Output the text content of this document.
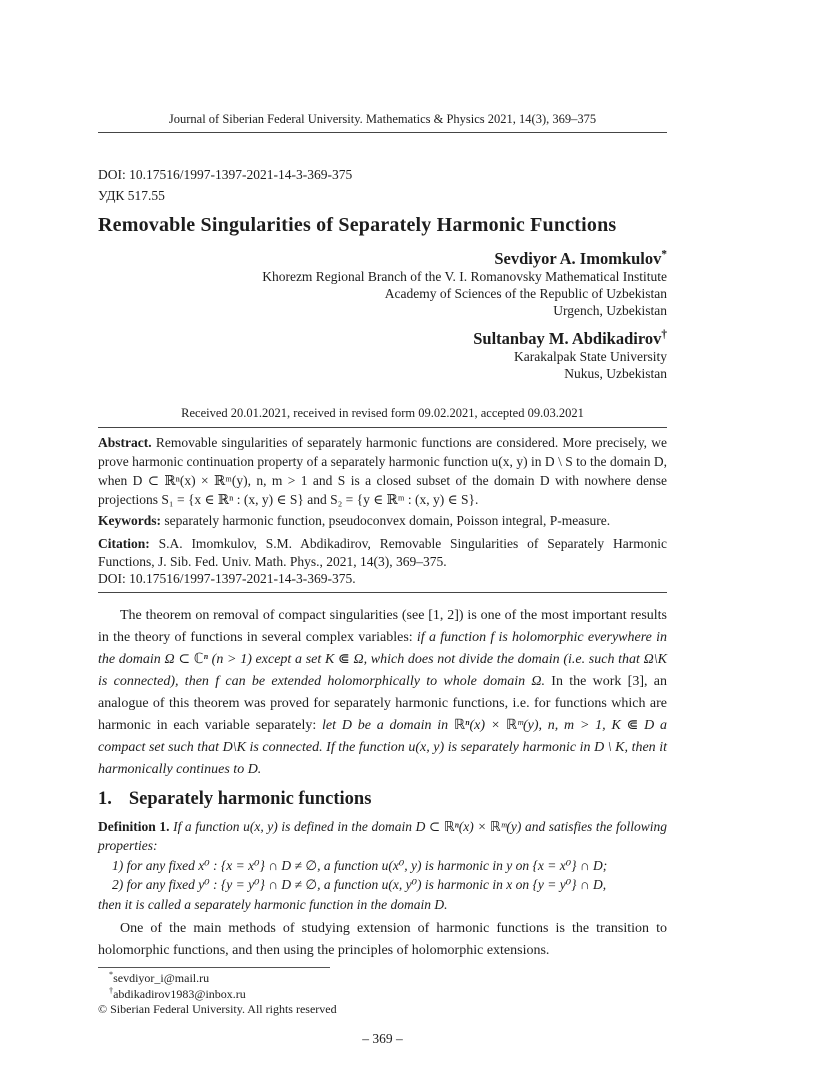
Journal of Siberian Federal University. Mathematics & Physics 2021, 14(3), 369–375
DOI: 10.17516/1997-1397-2021-14-3-369-375
УДК 517.55
Removable Singularities of Separately Harmonic Functions
Sevdiyor A. Imomkulov*
Khorezm Regional Branch of the V. I. Romanovsky Mathematical Institute
Academy of Sciences of the Republic of Uzbekistan
Urgench, Uzbekistan
Sultanbay M. Abdikadirov†
Karakalpak State University
Nukus, Uzbekistan
Received 20.01.2021, received in revised form 09.02.2021, accepted 09.03.2021
Abstract. Removable singularities of separately harmonic functions are considered. More precisely, we prove harmonic continuation property of a separately harmonic function u(x, y) in D \ S to the domain D, when D ⊂ ℝⁿ(x) × ℝᵐ(y), n, m > 1 and S is a closed subset of the domain D with nowhere dense projections S₁ = {x ∈ ℝⁿ : (x, y) ∈ S} and S₂ = {y ∈ ℝᵐ : (x, y) ∈ S}.
Keywords: separately harmonic function, pseudoconvex domain, Poisson integral, P-measure.
Citation: S.A. Imomkulov, S.M. Abdikadirov, Removable Singularities of Separately Harmonic Functions, J. Sib. Fed. Univ. Math. Phys., 2021, 14(3), 369–375.
DOI: 10.17516/1997-1397-2021-14-3-369-375.
The theorem on removal of compact singularities (see [1, 2]) is one of the most important results in the theory of functions in several complex variables: if a function f is holomorphic everywhere in the domain Ω ⊂ ℂⁿ (n > 1) except a set K ⋐ Ω, which does not divide the domain (i.e. such that Ω\K is connected), then f can be extended holomorphically to whole domain Ω. In the work [3], an analogue of this theorem was proved for separately harmonic functions, i.e. for functions which are harmonic in each variable separately: let D be a domain in ℝⁿ(x) × ℝᵐ(y), n, m > 1, K ⋐ D a compact set such that D\K is connected. If the function u(x, y) is separately harmonic in D \ K, then it harmonically continues to D.
1. Separately harmonic functions
Definition 1. If a function u(x, y) is defined in the domain D ⊂ ℝⁿ(x) × ℝᵐ(y) and satisfies the following properties:
1) for any fixed x⁰ : {x = x⁰} ∩ D ≠ ∅, a function u(x⁰, y) is harmonic in y on {x = x⁰} ∩ D;
2) for any fixed y⁰ : {y = y⁰} ∩ D ≠ ∅, a function u(x, y⁰) is harmonic in x on {y = y⁰} ∩ D,
then it is called a separately harmonic function in the domain D.
One of the main methods of studying extension of harmonic functions is the transition to holomorphic functions, and then using the principles of holomorphic extensions.
*sevdiyor_i@mail.ru
†abdikadirov1983@inbox.ru
© Siberian Federal University. All rights reserved
– 369 –
